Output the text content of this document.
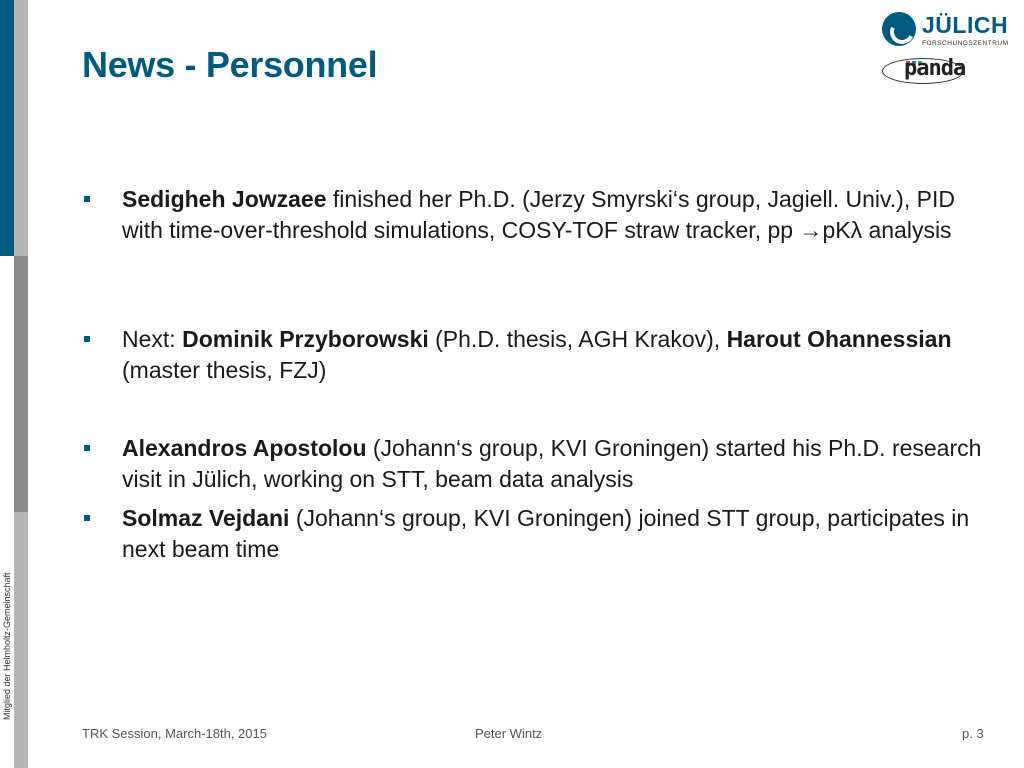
Mitglied der Helmholtz-Gemeinschaft
News - Personnel
JÜLICH
FORSCHUNGSZENTRUM
panda
Sedigheh Jowzaee finished her Ph.D. (Jerzy Smyrski‘s group, Jagiell. Univ.), PID with time-over-threshold simulations, COSY-TOF straw tracker, pp →pKλ analysis
Next: Dominik Przyborowski (Ph.D. thesis, AGH Krakov), Harout Ohannessian (master thesis, FZJ)
Alexandros Apostolou (Johann‘s group, KVI Groningen) started his Ph.D. research visit in Jülich, working on STT, beam data analysis
Solmaz Vejdani (Johann‘s group, KVI Groningen) joined STT group, participates in next beam time
TRK Session, March-18th, 2015	Peter Wintz	p. 3
